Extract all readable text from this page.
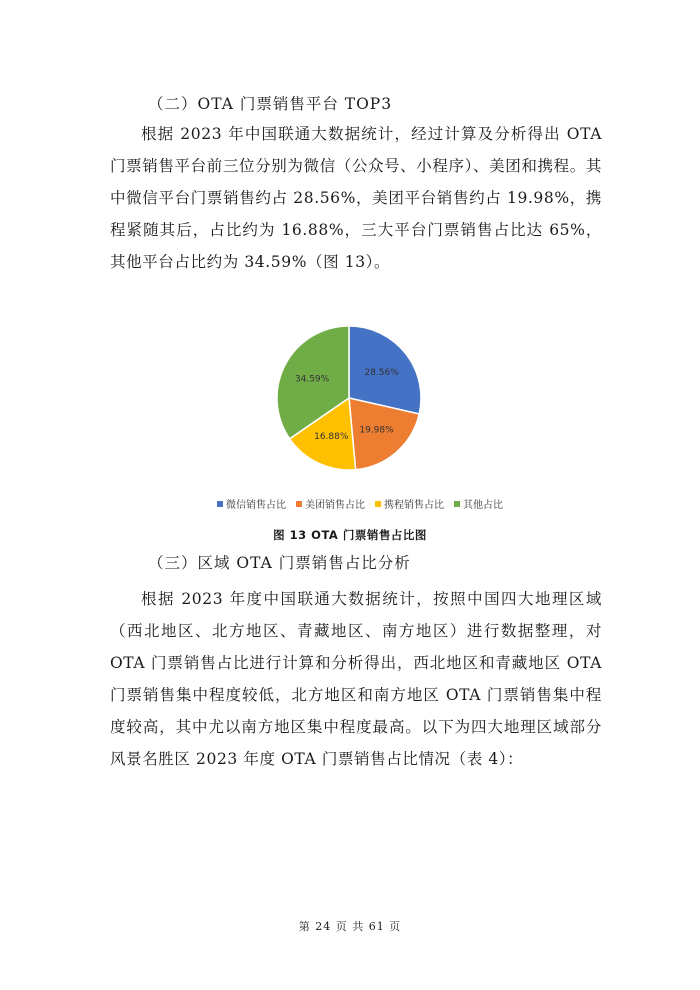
（二）OTA 门票销售平台 TOP3
根据 2023 年中国联通大数据统计，经过计算及分析得出 OTA 门票销售平台前三位分别为微信（公众号、小程序）、美团和携程。其中微信平台门票销售约占 28.56%，美团平台销售约占 19.98%，携程紧随其后，占比约为 16.88%，三大平台门票销售占比达 65%，其他平台占比约为 34.59%（图 13）。
28.56%
19.98%
16.88%
34.59%
微信销售占比 美团销售占比 携程销售占比 其他占比
图 13 OTA 门票销售占比图
（三）区域 OTA 门票销售占比分析
根据 2023 年度中国联通大数据统计，按照中国四大地理区域（西北地区、北方地区、青藏地区、南方地区）进行数据整理，对 OTA 门票销售占比进行计算和分析得出，西北地区和青藏地区 OTA 门票销售集中程度较低，北方地区和南方地区 OTA 门票销售集中程度较高，其中尤以南方地区集中程度最高。以下为四大地理区域部分风景名胜区 2023 年度 OTA 门票销售占比情况（表 4）：
第 24 页 共 61 页
